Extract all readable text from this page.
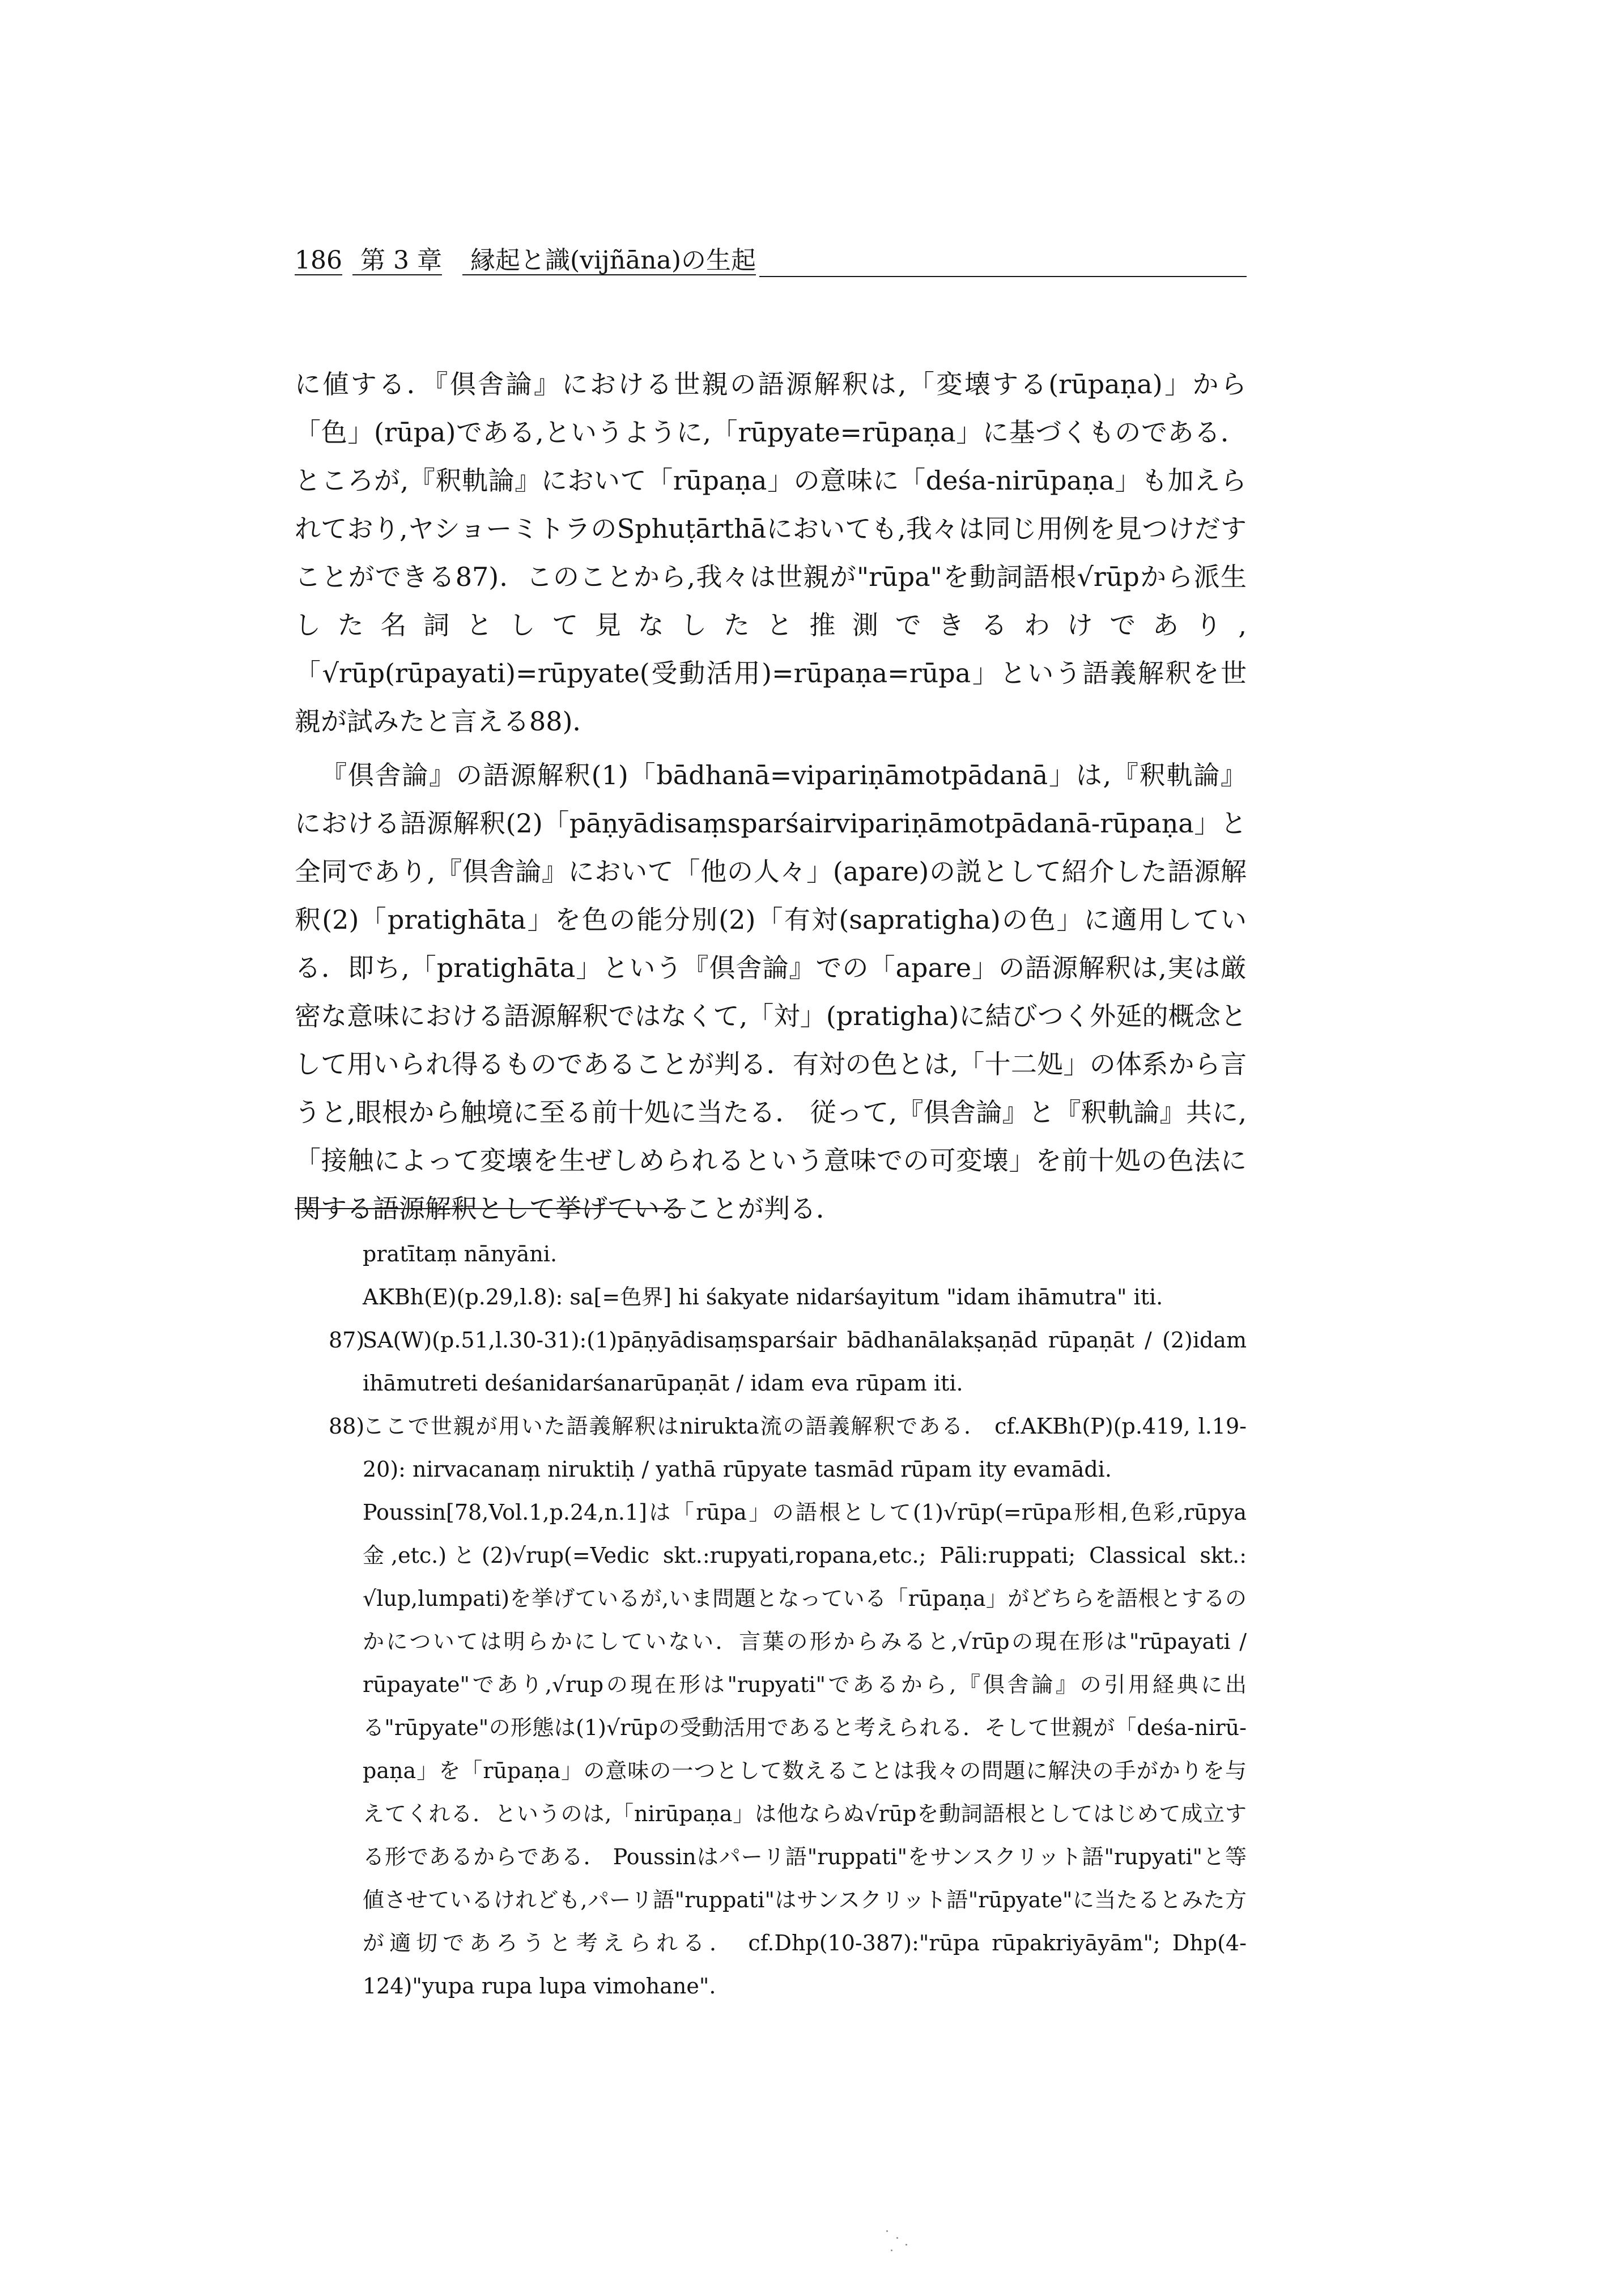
186 第 3 章 縁起と識(vijñāna)の生起

に値する．『倶舎論』における世親の語源解釈は,「変壊する(rūpaṇa)」から「色」(rūpa)である,というように,「rūpyate=rūpaṇa」に基づくものである． ところが,『釈軌論』において「rūpaṇa」の意味に「deśa-nirūpaṇa」も加えられており,ヤショーミトラのSphuṭārthāにおいても,我々は同じ用例を見つけだすことができる87)．このことから,我々は世親が"rūpa"を動詞語根√rūpから派生した名詞として見なしたと推測できるわけであり,「√rūp(rūpayati)=rūpyate(受動活用)=rūpaṇa=rūpa」という語義解釈を世親が試みたと言える88)．

『倶舎論』の語源解釈(1)「bādhanā=vipariṇāmotpādanā」は,『釈軌論』における語源解釈(2)「pāṇyādisaṃsparśairvipariṇāmotpādanā-rūpaṇa」と全同であり,『倶舎論』において「他の人々」(apare)の説として紹介した語源解釈(2)「pratighāta」を色の能分別(2)「有対(sapratigha)の色」に適用している．即ち,「pratighāta」という『倶舎論』での「apare」の語源解釈は,実は厳密な意味における語源解釈ではなくて,「対」(pratigha)に結びつく外延的概念として用いられ得るものであることが判る．有対の色とは,「十二処」の体系から言うと,眼根から触境に至る前十処に当たる． 従って,『倶舎論』と『釈軌論』共に,「接触によって変壊を生ぜしめられるという意味での可変壊」を前十処の色法に関する語源解釈として挙げていることが判る．

pratītaṃ nānyāni.
AKBh(E)(p.29,l.8): sa[=色界] hi śakyate nidarśayitum "idam ihāmutra" iti.
87)
SA(W)(p.51,l.30-31):(1)pāṇyādisaṃsparśair bādhanālakṣaṇād rūpaṇāt / (2)idam ihāmutreti deśanidarśanarūpaṇāt / idam eva rūpam iti.
88)
ここで世親が用いた語義解釈はniruktа流の語義解釈である． cf.AKBh(P)(p.419, l.19-20): nirvacanaṃ niruktiḥ / yathā rūpyate tasmād rūpam ity evamādi.
Poussin[78,Vol.1,p.24,n.1]は「rūpa」の語根として(1)√rūp(=rūpa形相,色彩,rūpya金,etc.)と(2)√rup(=Vedic skt.:rupyati,ropana,etc.; Pāli:ruppati; Classical skt.: √lup,lumpati)を挙げているが,いま問題となっている「rūpaṇa」がどちらを語根とするのかについては明らかにしていない．言葉の形からみると,√rūpの現在形は"rūpayati / rūpayate"であり,√rupの現在形は"rupyati"であるから,『倶舎論』の引用経典に出る"rūpyate"の形態は(1)√rūpの受動活用であると考えられる．そして世親が「deśa-nirū- paṇa」を「rūpaṇa」の意味の一つとして数えることは我々の問題に解決の手がかりを与えてくれる．というのは,「nirūpaṇa」は他ならぬ√rūpを動詞語根としてはじめて成立する形であるからである． Poussinはパーリ語"ruppati"をサンスクリット語"rupyati"と等値させているけれども,パーリ語"ruppati"はサンスクリット語"rūpyate"に当たるとみた方が適切であろうと考えられる． cf.Dhp(10-387):"rūpa rūpakriyāyām"; Dhp(4-124)"yupa rupa lupa vimohane".
